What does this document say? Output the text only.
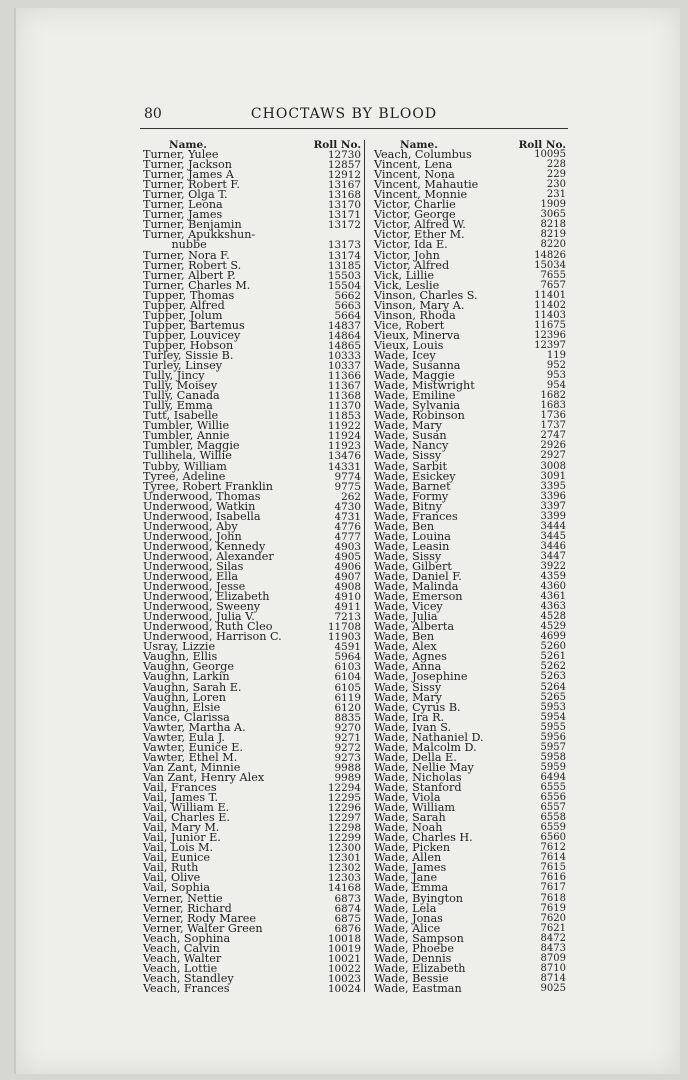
80	CHOCTAWS BY BLOOD
Name.	Roll No.
Turner, Yulee	12730
Turner, Jackson	12857
Turner, James A	12912
Turner, Robert F.	13167
Turner, Olga T.	13168
Turner, Leona	13170
Turner, James	13171
Turner, Benjamin	13172
Turner, Apukkshun-
nubbe	13173
Turner, Nora F.	13174
Turner, Robert S.	13185
Turner, Albert P.	15503
Turner, Charles M.	15504
Tupper, Thomas	5662
Tupper, Alfred	5663
Tupper, Jolum	5664
Tupper, Bartemus	14837
Tupper, Louvicey	14864
Tupper, Hobson	14865
Turley, Sissie B.	10333
Turley, Linsey	10337
Tully, Jincy	11366
Tully, Moisey	11367
Tully, Canada	11368
Tully, Emma	11370
Tutt, Isabelle	11853
Tumbler, Willie	11922
Tumbler, Annie	11924
Tumbler, Maggie	11923
Tullihela, Willie	13476
Tubby, William	14331
Tyree, Adeline	9774
Tyree, Robert Franklin	9775
Underwood, Thomas	262
Underwood, Watkin	4730
Underwood, Isabella	4731
Underwood, Aby	4776
Underwood, John	4777
Underwood, Kennedy	4903
Underwood, Alexander	4905
Underwood, Silas	4906
Underwood, Ella	4907
Underwood, Jesse	4908
Underwood, Elizabeth	4910
Underwood, Sweeny	4911
Underwood, Julia V.	7213
Underwood, Ruth Cleo	11708
Underwood, Harrison C.	11903
Usray, Lizzie	4591
Vaughn, Ellis	5964
Vaughn, George	6103
Vaughn, Larkin	6104
Vaughn, Sarah E.	6105
Vaughn, Loren	6119
Vaughn, Elsie	6120
Vance, Clarissa	8835
Vawter, Martha A.	9270
Vawter, Eula J.	9271
Vawter, Eunice E.	9272
Vawter, Ethel M.	9273
Van Zant, Minnie	9988
Van Zant, Henry Alex	9989
Vail, Frances	12294
Vail, James T.	12295
Vail, William E.	12296
Vail, Charles E.	12297
Vail, Mary M.	12298
Vail, Junior E.	12299
Vail, Lois M.	12300
Vail, Eunice	12301
Vail, Ruth	12302
Vail, Olive	12303
Vail, Sophia	14168
Verner, Nettie	6873
Verner, Richard	6874
Verner, Rody Maree	6875
Verner, Walter Green	6876
Veach, Sophina	10018
Veach, Calvin	10019
Veach, Walter	10021
Veach, Lottie	10022
Veach, Standley	10023
Veach, Frances	10024
Name.	Roll No.
Veach, Columbus	10095
Vincent, Lena	228
Vincent, Nona	229
Vincent, Mahautie	230
Vincent, Monnie	231
Victor, Charlie	1909
Victor, George	3065
Victor, Alfred W.	8218
Victor, Ether M.	8219
Victor, Ida E.	8220
Victor, John	14826
Victor, Alfred	15034
Vick, Lillie	7655
Vick, Leslie	7657
Vinson, Charles S.	11401
Vinson, Mary A.	11402
Vinson, Rhoda	11403
Vice, Robert	11675
Vieux, Minerva	12396
Vieux, Louis	12397
Wade, Icey	119
Wade, Susanna	952
Wade, Maggie	953
Wade, Mistwright	954
Wade, Emiline	1682
Wade, Sylvania	1683
Wade, Robinson	1736
Wade, Mary	1737
Wade, Susan	2747
Wade, Nancy	2926
Wade, Sissy	2927
Wade, Sarbit	3008
Wade, Esickey	3091
Wade, Barnet	3395
Wade, Formy	3396
Wade, Bitny	3397
Wade, Frances	3399
Wade, Ben	3444
Wade, Louina	3445
Wade, Leasin	3446
Wade, Sissy	3447
Wade, Gilbert	3922
Wade, Daniel F.	4359
Wade, Malinda	4360
Wade, Emerson	4361
Wade, Vicey	4363
Wade, Julia	4528
Wade, Alberta	4529
Wade, Ben	4699
Wade, Alex	5260
Wade, Agnes	5261
Wade, Anna	5262
Wade, Josephine	5263
Wade, Sissy	5264
Wade, Mary	5265
Wade, Cyrus B.	5953
Wade, Ira R.	5954
Wade, Ivan S.	5955
Wade, Nathaniel D.	5956
Wade, Malcolm D.	5957
Wade, Della E.	5958
Wade, Nellie May	5959
Wade, Nicholas	6494
Wade, Stanford	6555
Wade, Viola	6556
Wade, William	6557
Wade, Sarah	6558
Wade, Noah	6559
Wade, Charles H.	6560
Wade, Picken	7612
Wade, Allen	7614
Wade, James	7615
Wade, Jane	7616
Wade, Emma	7617
Wade, Byington	7618
Wade, Lela	7619
Wade, Jonas	7620
Wade, Alice	7621
Wade, Sampson	8472
Wade, Phoebe	8473
Wade, Dennis	8709
Wade, Elizabeth	8710
Wade, Bessie	8714
Wade, Eastman	9025
